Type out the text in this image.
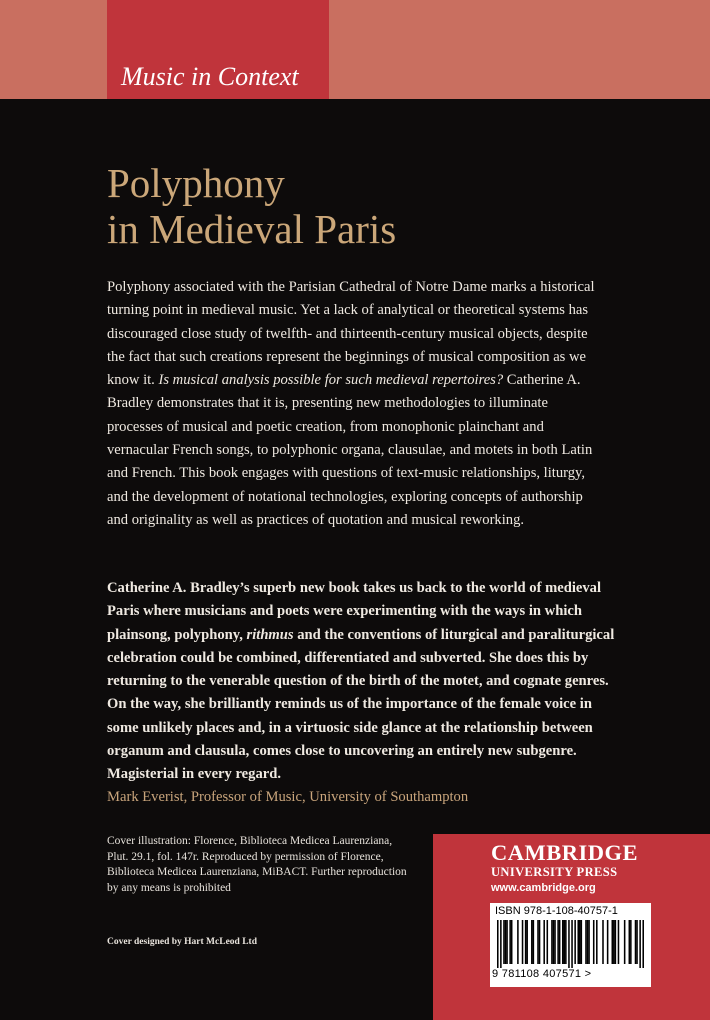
Music in Context
Polyphony
in Medieval Paris

Polyphony associated with the Parisian Cathedral of Notre Dame marks a historical turning point in medieval music. Yet a lack of analytical or theoretical systems has discouraged close study of twelfth- and thirteenth-century musical objects, despite the fact that such creations represent the beginnings of musical composition as we know it. Is musical analysis possible for such medieval repertoires? Catherine A. Bradley demonstrates that it is, presenting new methodologies to illuminate processes of musical and poetic creation, from monophonic plainchant and vernacular French songs, to polyphonic organa, clausulae, and motets in both Latin and French. This book engages with questions of text-music relationships, liturgy, and the development of notational technologies, exploring concepts of authorship and originality as well as practices of quotation and musical reworking.

Catherine A. Bradley’s superb new book takes us back to the world of medieval Paris where musicians and poets were experimenting with the ways in which plainsong, polyphony, rithmus and the conventions of liturgical and paraliturgical celebration could be combined, differentiated and subverted. She does this by returning to the venerable question of the birth of the motet, and cognate genres. On the way, she brilliantly reminds us of the importance of the female voice in some unlikely places and, in a virtuosic side glance at the relationship between organum and clausula, comes close to uncovering an entirely new subgenre. Magisterial in every regard.

Mark Everist, Professor of Music, University of Southampton

Cover illustration: Florence, Biblioteca Medicea Laurenziana, Plut. 29.1, fol. 147r. Reproduced by permission of Florence, Biblioteca Medicea Laurenziana, MiBACT. Further reproduction by any means is prohibited

Cover designed by Hart McLeod Ltd

CAMBRIDGE
UNIVERSITY PRESS
www.cambridge.org
ISBN 978-1-108-40757-1
9 781108 407571 >
